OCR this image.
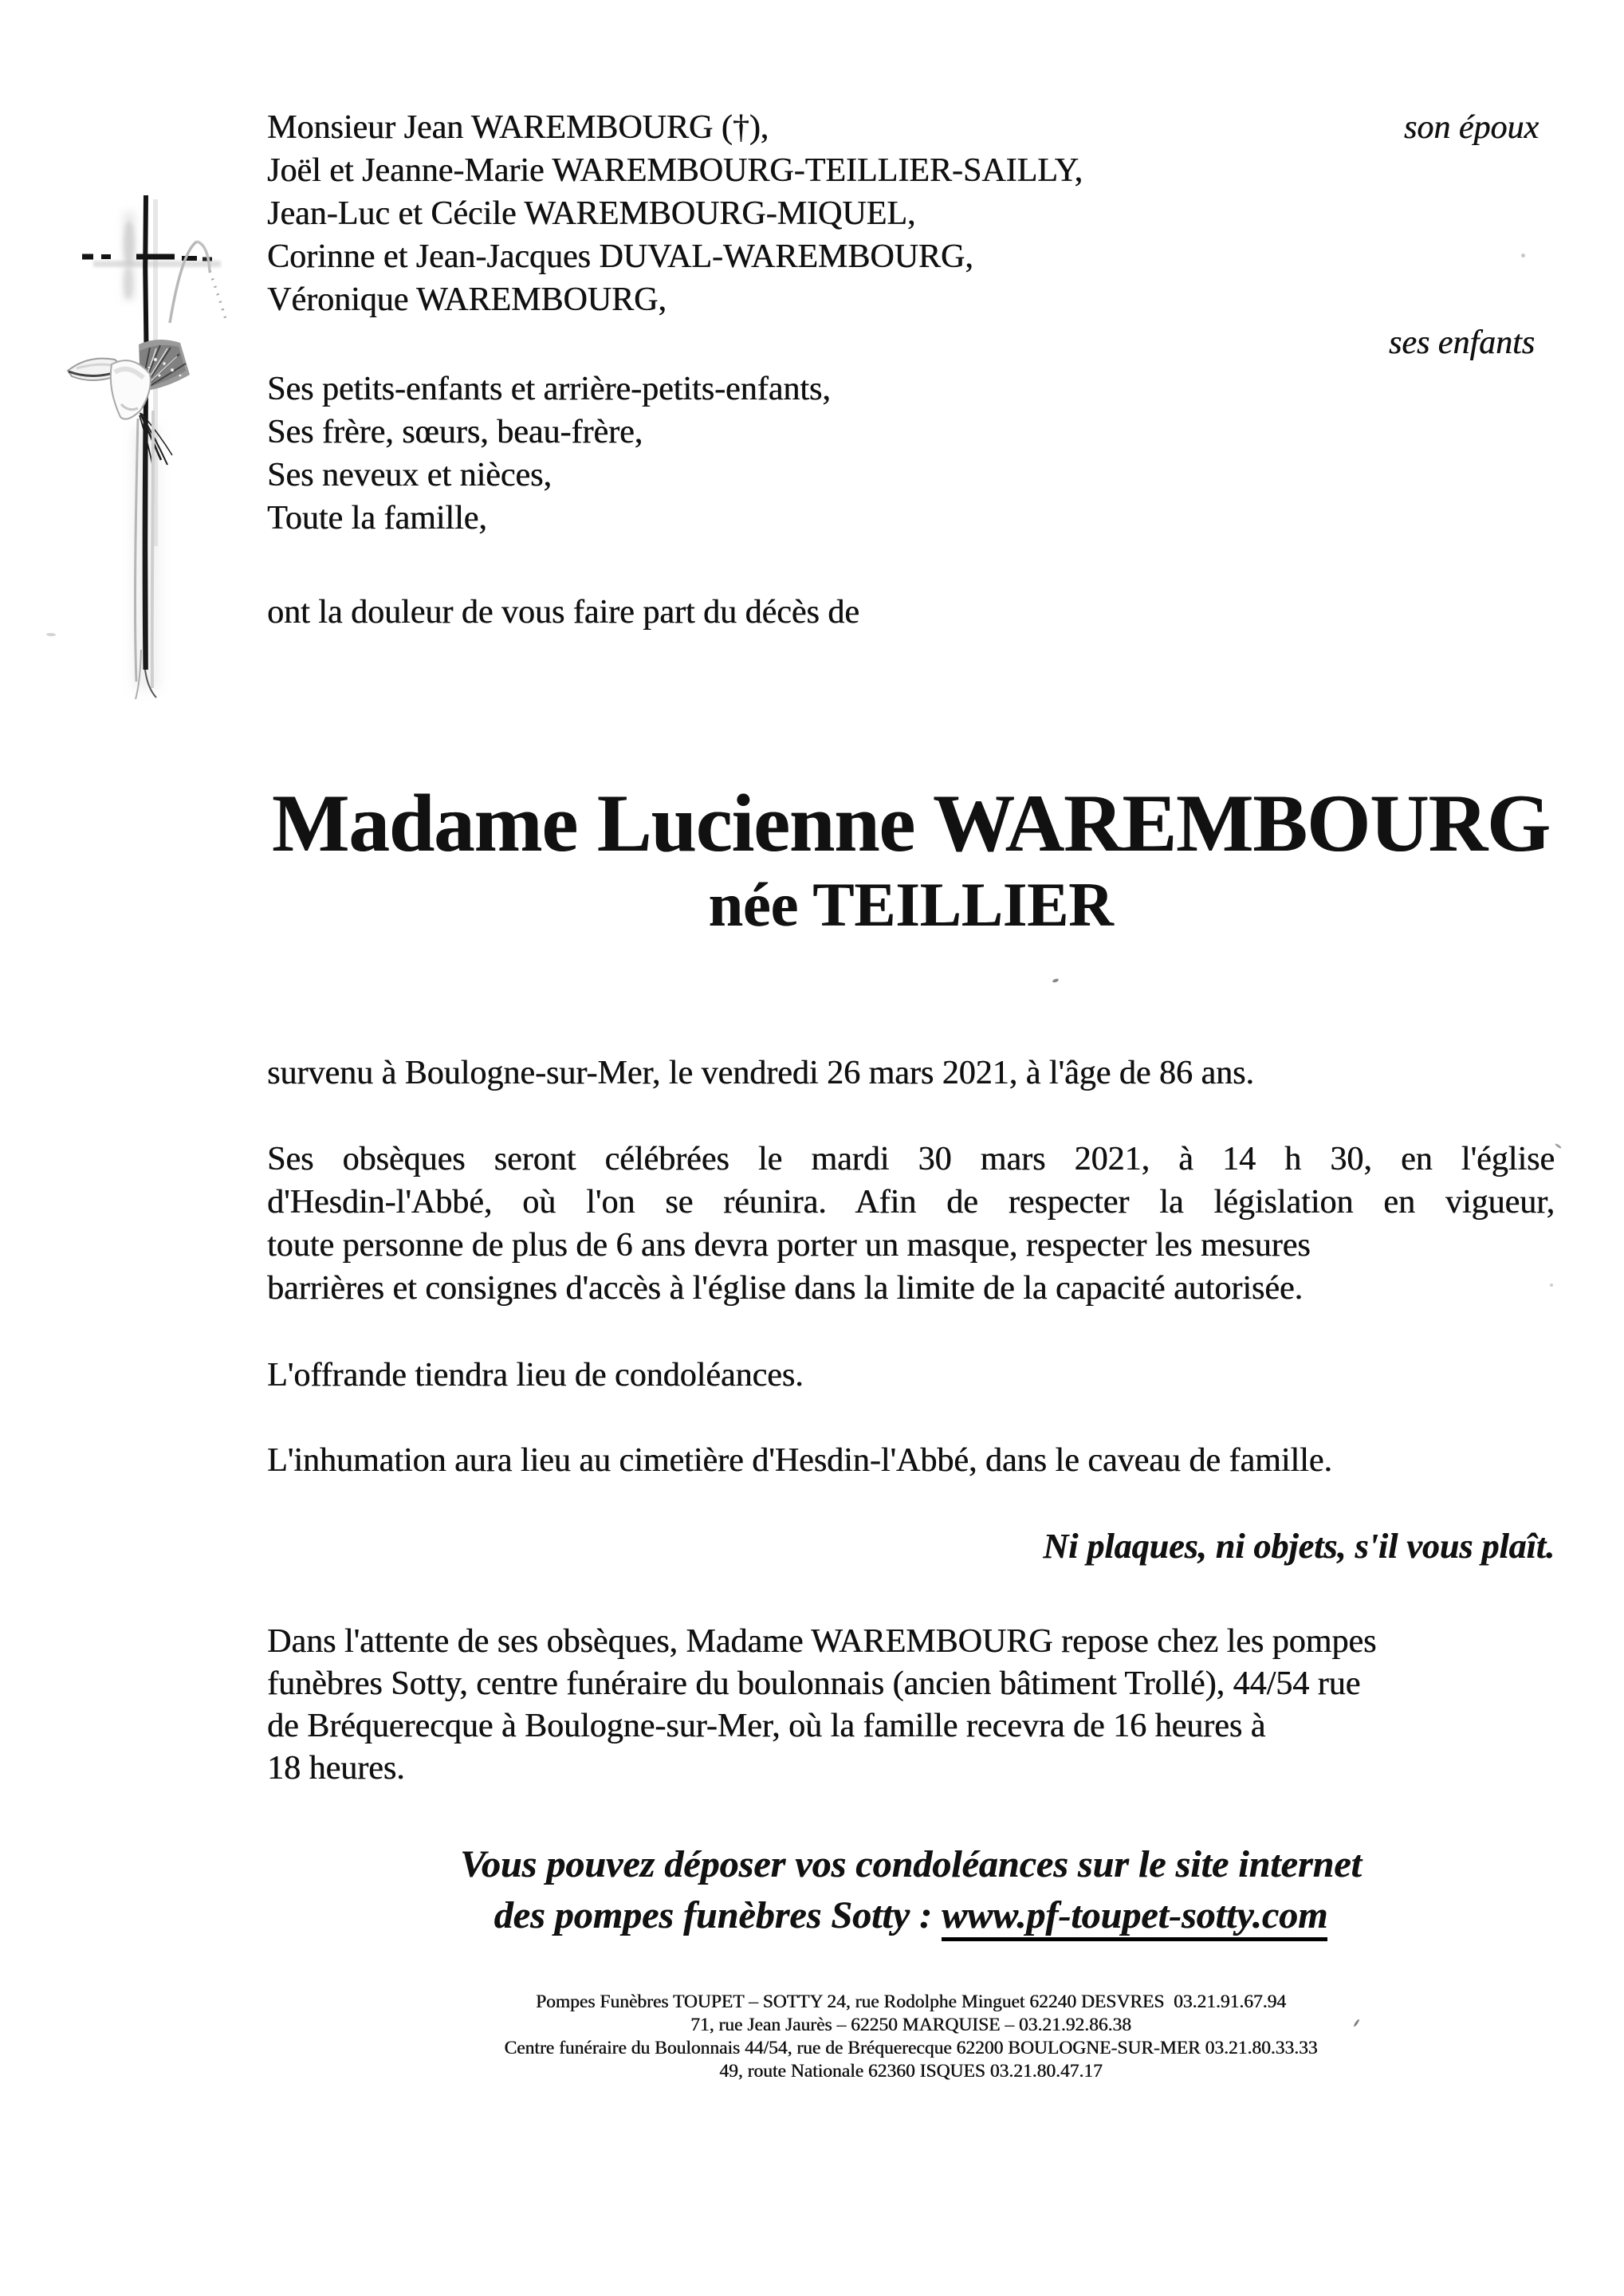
Monsieur Jean WAREMBOURG (†),
Joël et Jeanne-Marie WAREMBOURG-TEILLIER-SAILLY,
Jean-Luc et Cécile WAREMBOURG-MIQUEL,
Corinne et Jean-Jacques DUVAL-WAREMBOURG,
Véronique WAREMBOURG,
son époux
ses enfants
Ses petits-enfants et arrière-petits-enfants,
Ses frère, sœurs, beau-frère,
Ses neveux et nièces,
Toute la famille,
ont la douleur de vous faire part du décès de
Madame Lucienne WAREMBOURG
née TEILLIER
survenu à Boulogne-sur-Mer, le vendredi 26 mars 2021, à l'âge de 86 ans.
Ses obsèques seront célébrées le mardi 30 mars 2021, à 14 h 30, en l'église
d'Hesdin-l'Abbé, où l'on se réunira. Afin de respecter la législation en vigueur,
toute personne de plus de 6 ans devra porter un masque, respecter les mesures
barrières et consignes d'accès à l'église dans la limite de la capacité autorisée.
L'offrande tiendra lieu de condoléances.
L'inhumation aura lieu au cimetière d'Hesdin-l'Abbé, dans le caveau de famille.
Ni plaques, ni objets, s'il vous plaît.
Dans l'attente de ses obsèques, Madame WAREMBOURG repose chez les pompes
funèbres Sotty, centre funéraire du boulonnais (ancien bâtiment Trollé), 44/54 rue
de Bréquerecque à Boulogne-sur-Mer, où la famille recevra de 16 heures à
18 heures.
Vous pouvez déposer vos condoléances sur le site internet
des pompes funèbres Sotty : www.pf-toupet-sotty.com
Pompes Funèbres TOUPET – SOTTY 24, rue Rodolphe Minguet 62240 DESVRES  03.21.91.67.94
71, rue Jean Jaurès – 62250 MARQUISE – 03.21.92.86.38
Centre funéraire du Boulonnais 44/54, rue de Bréquerecque 62200 BOULOGNE-SUR-MER 03.21.80.33.33
49, route Nationale 62360 ISQUES 03.21.80.47.17
